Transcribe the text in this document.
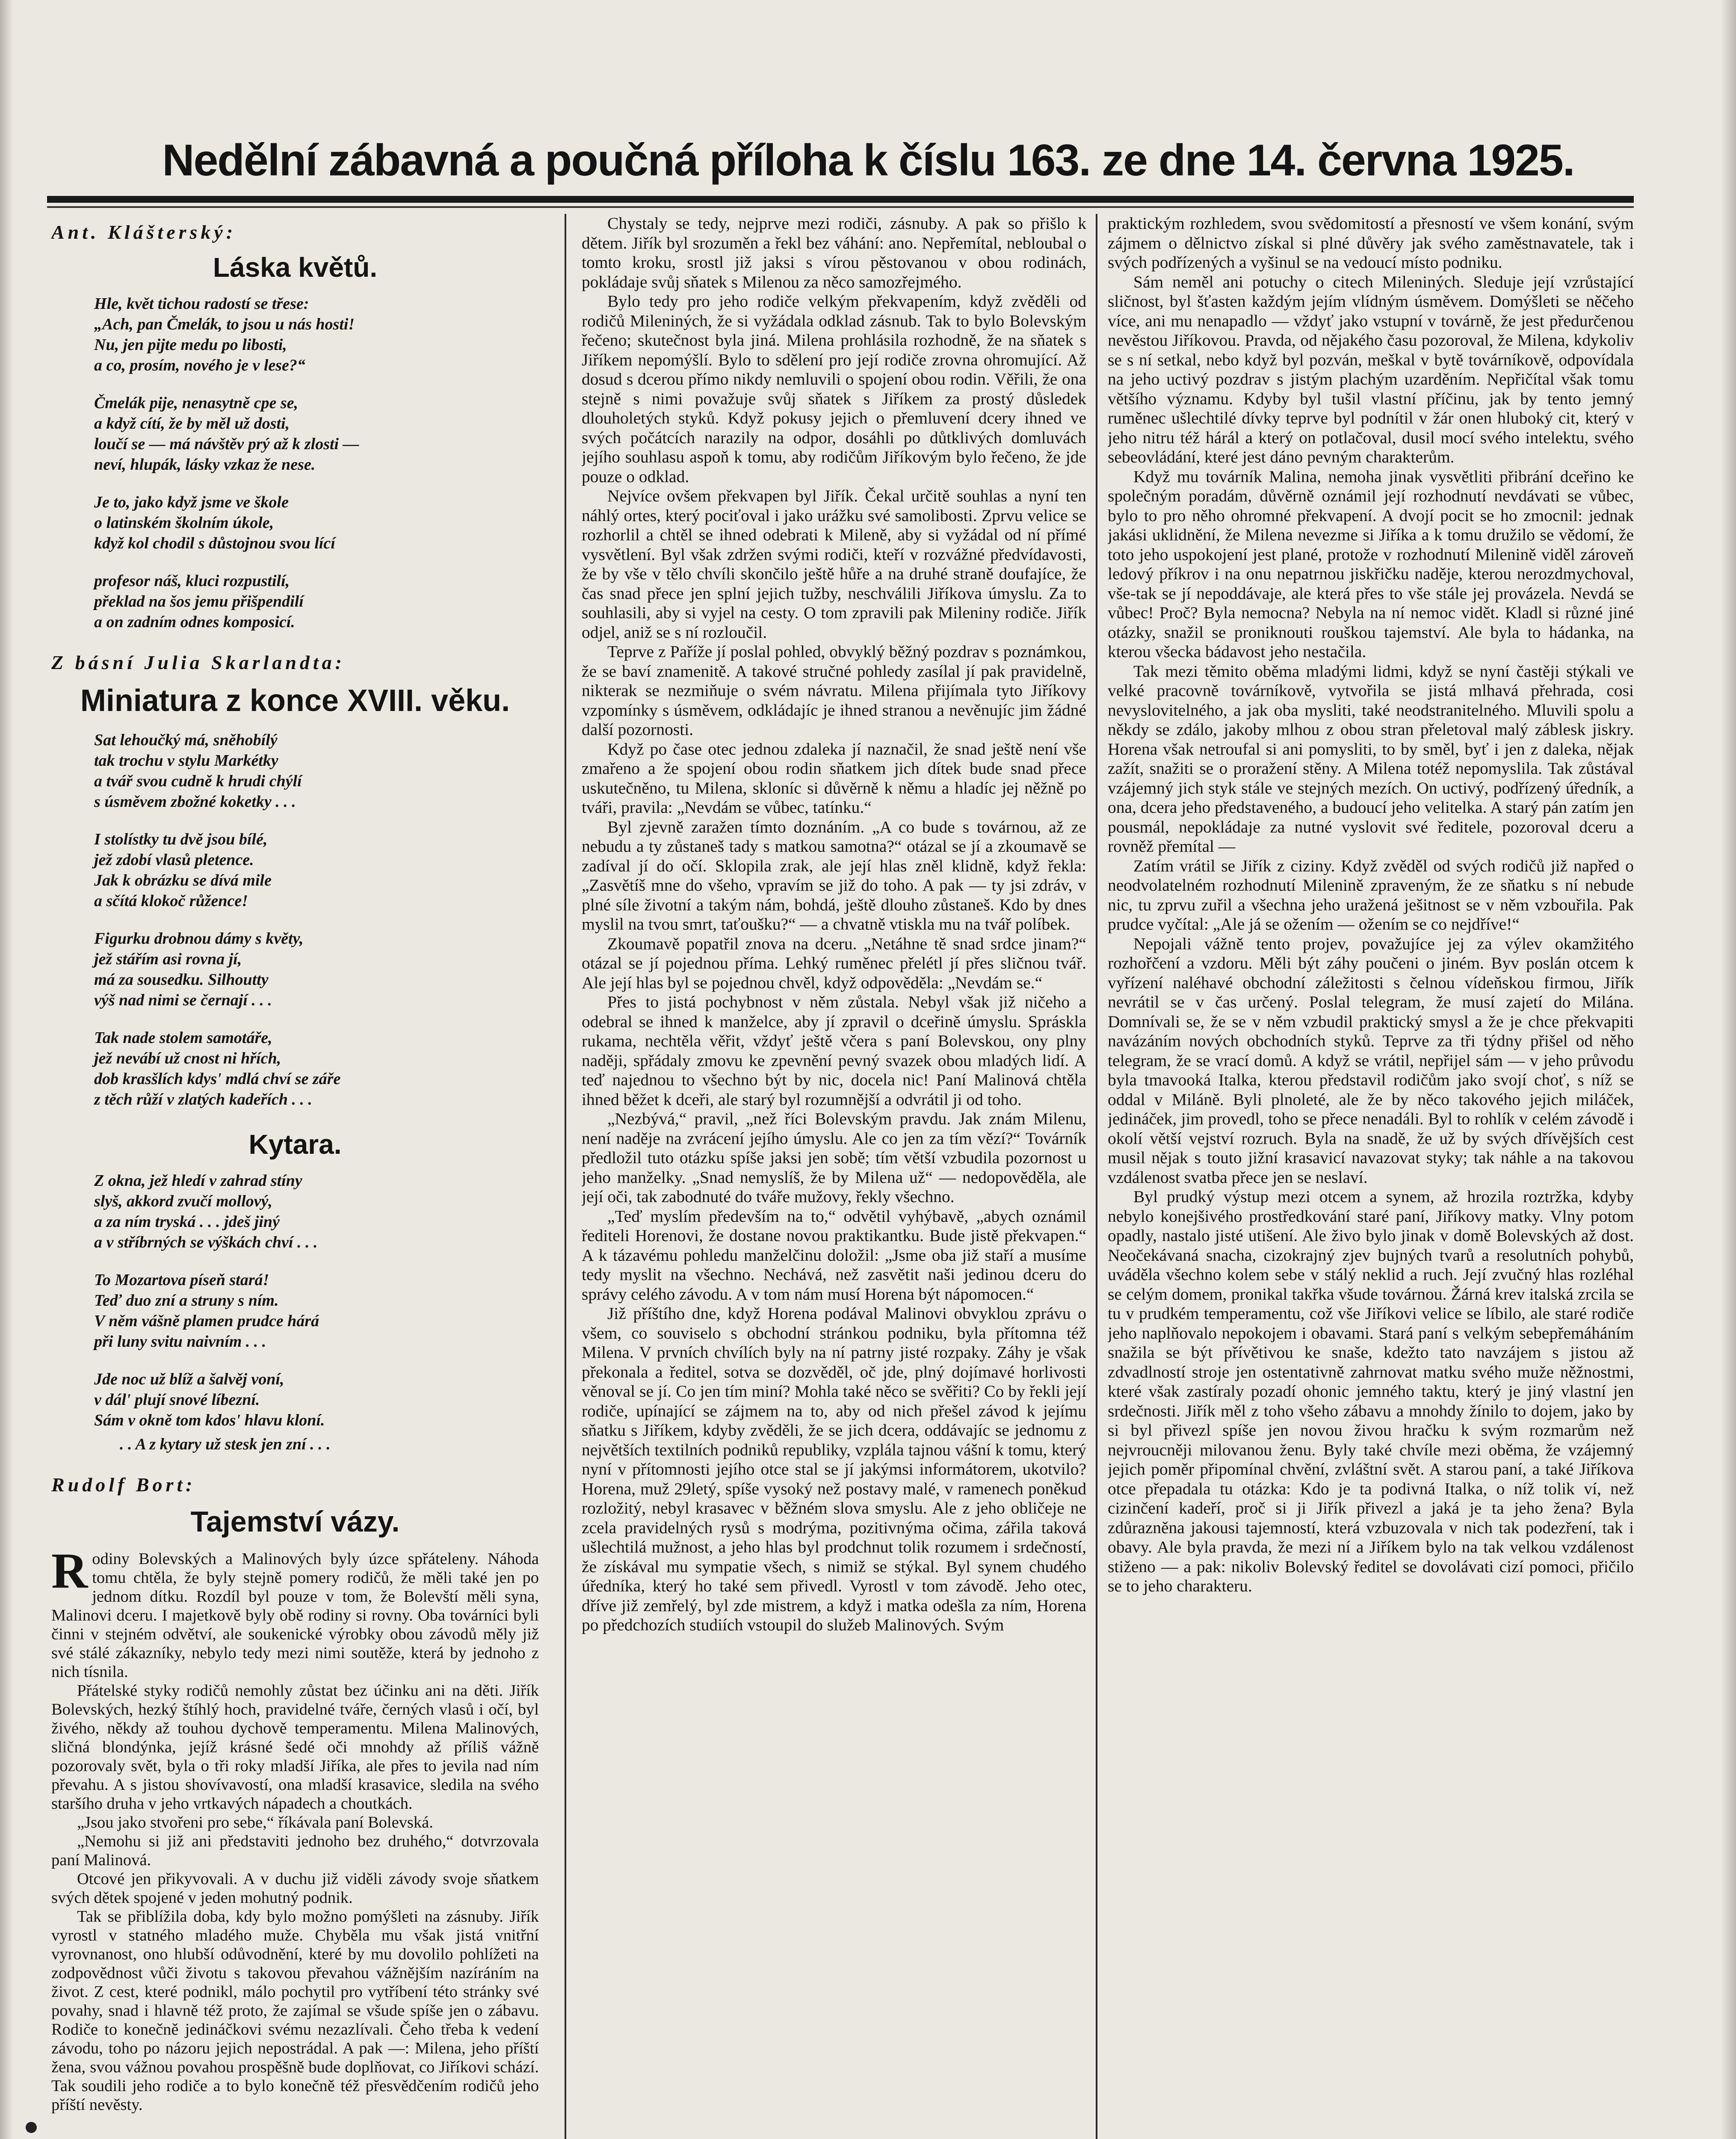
Nedělní zábavná a poučná příloha k číslu 163. ze dne 14. června 1925.
Ant. Klášterský:
Láska květů.
Hle, květ tichou radostí se třese:
„Ach, pan Čmelák, to jsou u nás hosti!
Nu, jen pijte medu po libosti,
a co, prosím, nového je v lese?“
Čmelák pije, nenasytně cpe se,
a když cítí, že by měl už dosti,
loučí se — má návštěv prý až k zlosti —
neví, hlupák, lásky vzkaz že nese.
Je to, jako když jsme ve škole
o latinském školním úkole,
když kol chodil s důstojnou svou lící
profesor náš, kluci rozpustilí,
překlad na šos jemu přišpendilí
a on zadním odnes komposicí.
Z básní Julia Skarlandta:
Miniatura z konce XVIII. věku.
Sat lehoučký má, sněhobílý
tak trochu v stylu Markétky
a tvář svou cudně k hrudi chýlí
s úsměvem zbožné koketky . . .
I stolístky tu dvě jsou bílé,
jež zdobí vlasů pletence.
Jak k obrázku se dívá mile
a sčítá klokoč růžence!
Figurku drobnou dámy s květy,
jež stářím asi rovna jí,
má za sousedku. Silhoutty
výš nad nimi se černají . . .
Tak nade stolem samotáře,
jež nevábí už cnost ni hřích,
dob krasšlích kdys' mdlá chví se záře
z těch růží v zlatých kadeřích . . .
Kytara.
Z okna, jež hledí v zahrad stíny
slyš, akkord zvučí mollový,
a za ním tryská . . . jdeš jiný
a v stříbrných se výškách chví . . .
To Mozartova píseň stará!
Teď duo zní a struny s ním.
V něm vášně plamen prudce hárá
při luny svitu naivním . . .
Jde noc už blíž a šalvěj voní,
v dál' plují snové líbezní.
Sám v okně tom kdos' hlavu kloní.
. . A z kytary už stesk jen zní . . .
Rudolf Bort:
Tajemství vázy.

Rodiny Bolevských a Malinových byly úzce spřáteleny. Náhoda tomu chtěla, že byly stejně pomery rodičů, že měli také jen po jednom dítku. Rozdíl byl pouze v tom, že Bolevští měli syna, Malinovi dceru. I majetkově byly obě rodiny si rovny. Oba továrníci byli činni v stejném odvětví, ale soukenické výrobky obou závodů měly již své stálé zákazníky, nebylo tedy mezi nimi soutěže, která by jednoho z nich tísnila.

Přátelské styky rodičů nemohly zůstat bez účinku ani na děti. Jiřík Bolevských, hezký štíhlý hoch, pravidelné tváře, černých vlasů i očí, byl živého, někdy až touhou dychově temperamentu. Milena Malinových, sličná blondýnka, jejíž krásné šedé oči mnohdy až příliš vážně pozorovaly svět, byla o tři roky mladší Jiříka, ale přes to jevila nad ním převahu. A s jistou shovívavostí, ona mladší krasavice, sledila na svého staršího druha v jeho vrtkavých nápadech a choutkách.

„Jsou jako stvořeni pro sebe,“ říkávala paní Bolevská.

„Nemohu si již ani představiti jednoho bez druhého,“ dotvrzovala paní Malinová.

Otcové jen přikyvovali. A v duchu již viděli závody svoje sňatkem svých dětek spojené v jeden mohutný podnik.

Tak se přiblížila doba, kdy bylo možno pomýšleti na zásnuby. Jiřík vyrostl v statného mladého muže. Chyběla mu však jistá vnitřní vyrovnanost, ono hlubší odůvodnění, které by mu dovolilo pohlížeti na zodpovědnost vůči životu s takovou převahou vážnějším nazíráním na život. Z cest, které podnikl, málo pochytil pro vytříbení této stránky své povahy, snad i hlavně též proto, že zajímal se všude spíše jen o zábavu. Rodiče to konečně jedináčkovi svému nezazlívali. Čeho třeba k vedení závodu, toho po názoru jejich nepostrádal. A pak —: Milena, jeho příští žena, svou vážnou povahou prospěšně bude doplňovat, co Jiříkovi schází. Tak soudili jeho rodiče a to bylo konečně též přesvědčením rodičů jeho příští nevěsty.

Chystaly se tedy, nejprve mezi rodiči, zásnuby. A pak so přišlo k dětem. Jiřík byl srozuměn a řekl bez váhání: ano. Nepřemítal, nebloubal o tomto kroku, srostl již jaksi s vírou pěstovanou v obou rodinách, pokládaje svůj sňatek s Milenou za něco samozřejmého.

Bylo tedy pro jeho rodiče velkým překvapením, když zvěděli od rodičů Mileniných, že si vyžádala odklad zásnub. Tak to bylo Bolevským řečeno; skutečnost byla jiná. Milena prohlásila rozhodně, že na sňatek s Jiříkem nepomýšlí. Bylo to sdělení pro její rodiče zrovna ohromující. Až dosud s dcerou přímo nikdy nemluvili o spojení obou rodin. Věřili, že ona stejně s nimi považuje svůj sňatek s Jiříkem za prostý důsledek dlouholetých styků. Když pokusy jejich o přemluvení dcery ihned ve svých počátcích narazily na odpor, dosáhli po důtklivých domluvách jejího souhlasu aspoň k tomu, aby rodičům Jiříkovým bylo řečeno, že jde pouze o odklad.

Nejvíce ovšem překvapen byl Jiřík. Čekal určitě souhlas a nyní ten náhlý ortes, který pociťoval i jako urážku své samolibosti. Zprvu velice se rozhorlil a chtěl se ihned odebrati k Mileně, aby si vyžádal od ní přímé vysvětlení. Byl však zdržen svými rodiči, kteří v rozvážné předvídavosti, že by vše v tělo chvíli skončilo ještě hůře a na druhé straně doufajíce, že čas snad přece jen splní jejich tužby, neschválili Jiříkova úmyslu. Za to souhlasili, aby si vyjel na cesty. O tom zpravili pak Mileniny rodiče. Jiřík odjel, aniž se s ní rozloučil.

Teprve z Paříže jí poslal pohled, obvyklý běžný pozdrav s poznámkou, že se baví znamenitě. A takové stručné pohledy zasílal jí pak pravidelně, nikterak se nezmiňuje o svém návratu. Milena přijímala tyto Jiříkovy vzpomínky s úsměvem, odkládajíc je ihned stranou a nevěnujíc jim žádné další pozornosti.

Když po čase otec jednou zdaleka jí naznačil, že snad ještě není vše zmařeno a že spojení obou rodin sňatkem jich dítek bude snad přece uskutečněno, tu Milena, skloníc si důvěrně k němu a hladíc jej něžně po tváři, pravila: „Nevdám se vůbec, tatínku.“

Byl zjevně zaražen tímto doznáním. „A co bude s továrnou, až ze nebudu a ty zůstaneš tady s matkou samotna?“ otázal se jí a zkoumavě se zadíval jí do očí. Sklopila zrak, ale její hlas zněl klidně, když řekla: „Zasvětíš mne do všeho, vpravím se již do toho. A pak — ty jsi zdráv, v plné síle životní a takým nám, bohdá, ještě dlouho zůstaneš. Kdo by dnes myslil na tvou smrt, taťoušku?“ — a chvatně vtiskla mu na tvář políbek.

Zkoumavě popatřil znova na dceru. „Netáhne tě snad srdce jinam?“ otázal se jí pojednou příma. Lehký ruměnec přelétl jí přes sličnou tvář. Ale její hlas byl se pojednou chvěl, když odpověděla: „Nevdám se.“

Přes to jistá pochybnost v něm zůstala. Nebyl však již ničeho a odebral se ihned k manželce, aby jí zpravil o dceřině úmyslu. Spráskla rukama, nechtěla věřit, vždyť ještě včera s paní Bolevskou, ony plny naději, spřádaly zmovu ke zpevnění pevný svazek obou mladých lidí. A teď najednou to všechno být by nic, docela nic! Paní Malinová chtěla ihned běžet k dceři, ale starý byl rozumnější a odvrátil ji od toho.

„Nezbývá,“ pravil, „než říci Bolevským pravdu. Jak znám Milenu, není naděje na zvrácení jejího úmyslu. Ale co jen za tím vězí?“ Továrník předložil tuto otázku spíše jaksi jen sobě; tím větší vzbudila pozornost u jeho manželky. „Snad nemyslíš, že by Milena už“ — nedopověděla, ale její oči, tak zabodnuté do tváře mužovy, řekly všechno.

„Teď myslím především na to,“ odvětil vyhýbavě, „abych oznámil řediteli Horenovi, že dostane novou praktikantku. Bude jistě překvapen.“ A k tázavému pohledu manželčinu doložil: „Jsme oba již staří a musíme tedy myslit na všechno. Nechává, než zasvětit naši jedinou dceru do správy celého závodu. A v tom nám musí Horena být nápomocen.“

Již příštího dne, když Horena podával Malinovi obvyklou zprávu o všem, co souviselo s obchodní stránkou podniku, byla přítomna též Milena. V prvních chvílích byly na ní patrny jisté rozpaky. Záhy je však překonala a ředitel, sotva se dozvěděl, oč jde, plný dojímavé horlivosti věnoval se jí. Co jen tím miní? Mohla také něco se svěřiti? Co by řekli její rodiče, upínající se zájmem na to, aby od nich přešel závod k jejímu sňatku s Jiříkem, kdyby zvěděli, že se jich dcera, oddávajíc se jednomu z největších textilních podniků republiky, vzplála tajnou vášní k tomu, který nyní v přítomnosti jejího otce stal se jí jakýmsi informátorem, ukotvilo? Horena, muž 29letý, spíše vysoký než postavy malé, v ramenech poněkud rozložitý, nebyl krasavec v běžném slova smyslu. Ale z jeho obličeje ne zcela pravidelných rysů s modrýma, pozitivnýma očima, zářila taková ušlechtilá mužnost, a jeho hlas byl prodchnut tolik rozumem i srdečností, že získával mu sympatie všech, s nimiž se stýkal. Byl synem chudého úředníka, který ho také sem přivedl. Vyrostl v tom závodě. Jeho otec, dříve již zemřelý, byl zde mistrem, a když i matka odešla za ním, Horena po předchozích studiích vstoupil do služeb Malinových. Svým

praktickým rozhledem, svou svědomitostí a přesností ve všem konání, svým zájmem o dělnictvo získal si plné důvěry jak svého zaměstnavatele, tak i svých podřízených a vyšinul se na vedoucí místo podniku.

Sám neměl ani potuchy o citech Mileniných. Sleduje její vzrůstající sličnost, byl šťasten každým jejím vlídným úsměvem. Domýšleti se něčeho více, ani mu nenapadlo — vždyť jako vstupní v továrně, že jest předurčenou nevěstou Jiříkovou. Pravda, od nějakého času pozoroval, že Milena, kdykoliv se s ní setkal, nebo když byl pozván, meškal v bytě továrníkově, odpovídala na jeho uctivý pozdrav s jistým plachým uzarděním. Nepřičítal však tomu většího významu. Kdyby byl tušil vlastní příčinu, jak by tento jemný ruměnec ušlechtilé dívky teprve byl podnítil v žár onen hluboký cit, který v jeho nitru též hárál a který on potlačoval, dusil mocí svého intelektu, svého sebeovládání, které jest dáno pevným charakterům.

Když mu továrník Malina, nemoha jinak vysvětliti přibrání dceřino ke společným poradám, důvěrně oznámil její rozhodnutí nevdávati se vůbec, bylo to pro něho ohromné překvapení. A dvojí pocit se ho zmocnil: jednak jakási uklidnění, že Milena nevezme si Jiříka a k tomu družilo se vědomí, že toto jeho uspokojení jest plané, protože v rozhodnutí Milenině viděl zároveň ledový příkrov i na onu nepatrnou jiskřičku naděje, kterou nerozdmychoval, vše-tak se jí nepoddávaje, ale která přes to vše stále jej provázela. Nevdá se vůbec! Proč? Byla nemocna? Nebyla na ní nemoc vidět. Kladl si různé jiné otázky, snažil se proniknouti rouškou tajemství. Ale byla to hádanka, na kterou všecka bádavost jeho nestačila.

Tak mezi těmito oběma mladými lidmi, když se nyní častěji stýkali ve velké pracovně továrníkově, vytvořila se jistá mlhavá přehrada, cosi nevyslovitelného, a jak oba mysliti, také neodstranitelného. Mluvili spolu a někdy se zdálo, jakoby mlhou z obou stran přeletoval malý záblesk jiskry. Horena však netroufal si ani pomysliti, to by směl, byť i jen z daleka, nějak zažít, snažiti se o proražení stěny. A Milena totéž nepomyslila. Tak zůstával vzájemný jich styk stále ve stejných mezích. On uctivý, podřízený úředník, a ona, dcera jeho představeného, a budoucí jeho velitelka. A starý pán zatím jen pousmál, nepokládaje za nutné vyslovit své ředitele, pozoroval dceru a rovněž přemítal —

Zatím vrátil se Jiřík z ciziny. Když zvěděl od svých rodičů již napřed o neodvolatelném rozhodnutí Milenině zpraveným, že ze sňatku s ní nebude nic, tu zprvu zuřil a všechna jeho uražená ješitnost se v něm vzbouřila. Pak prudce vyčítal: „Ale já se ožením — ožením se co nejdříve!“

Nepojali vážně tento projev, považujíce jej za výlev okamžitého rozhořčení a vzdoru. Měli být záhy poučeni o jiném. Byv poslán otcem k vyřízení naléhavé obchodní záležitosti s čelnou vídeňskou firmou, Jiřík nevrátil se v čas určený. Poslal telegram, že musí zajetí do Milána. Domnívali se, že se v něm vzbudil praktický smysl a že je chce překvapiti navázáním nových obchodních styků. Teprve za tři týdny přišel od něho telegram, že se vrací domů. A když se vrátil, nepřijel sám — v jeho průvodu byla tmavooká Italka, kterou představil rodičům jako svojí choť, s níž se oddal v Miláně. Byli plnoleté, ale že by něco takového jejich miláček, jedináček, jim provedl, toho se přece nenadáli. Byl to rohlík v celém závodě i okolí větší vejství rozruch. Byla na snadě, že už by svých dřívějších cest musil nějak s touto jižní krasavicí navazovat styky; tak náhle a na takovou vzdálenost svatba přece jen se neslaví.

Byl prudký výstup mezi otcem a synem, až hrozila roztržka, kdyby nebylo konejšivého prostředkování staré paní, Jiříkovy matky. Vlny potom opadly, nastalo jisté utišení. Ale živo bylo jinak v domě Bolevských až dost. Neočekávaná snacha, cizokrajný zjev bujných tvarů a resolutních pohybů, uváděla všechno kolem sebe v stálý neklid a ruch. Její zvučný hlas rozléhal se celým domem, pronikal takřka všude továrnou. Žárná krev italská zrcila se tu v prudkém temperamentu, což vše Jiříkovi velice se líbilo, ale staré rodiče jeho naplňovalo nepokojem i obavami. Stará paní s velkým sebepřemáháním snažila se být přívětivou ke snaše, kdežto tato navzájem s jistou až zdvadlností stroje jen ostentativně zahrnovat matku svého muže něžnostmi, které však zastíraly pozadí ohonic jemného taktu, který je jiný vlastní jen srdečnosti. Jiřík měl z toho všeho zábavu a mnohdy žínilo to dojem, jako by si byl přivezl spíše jen novou živou hračku k svým rozmarům než nejvroucněji milovanou ženu. Byly také chvíle mezi oběma, že vzájemný jejich poměr připomínal chvění, zvláštní svět. A starou paní, a také Jiříkova otce přepadala tu otázka: Kdo je ta podivná Italka, o níž tolik ví, než cizinčení kadeří, proč si ji Jiřík přivezl a jaká je ta jeho žena? Byla zdůrazněna jakousi tajemností, která vzbuzovala v nich tak podezření, tak i obavy. Ale byla pravda, že mezi ní a Jiříkem bylo na tak velkou vzdálenost stiženo — a pak: nikoliv Bolevský ředitel se dovolávati cizí pomoci, přičilo se to jeho charakteru.
